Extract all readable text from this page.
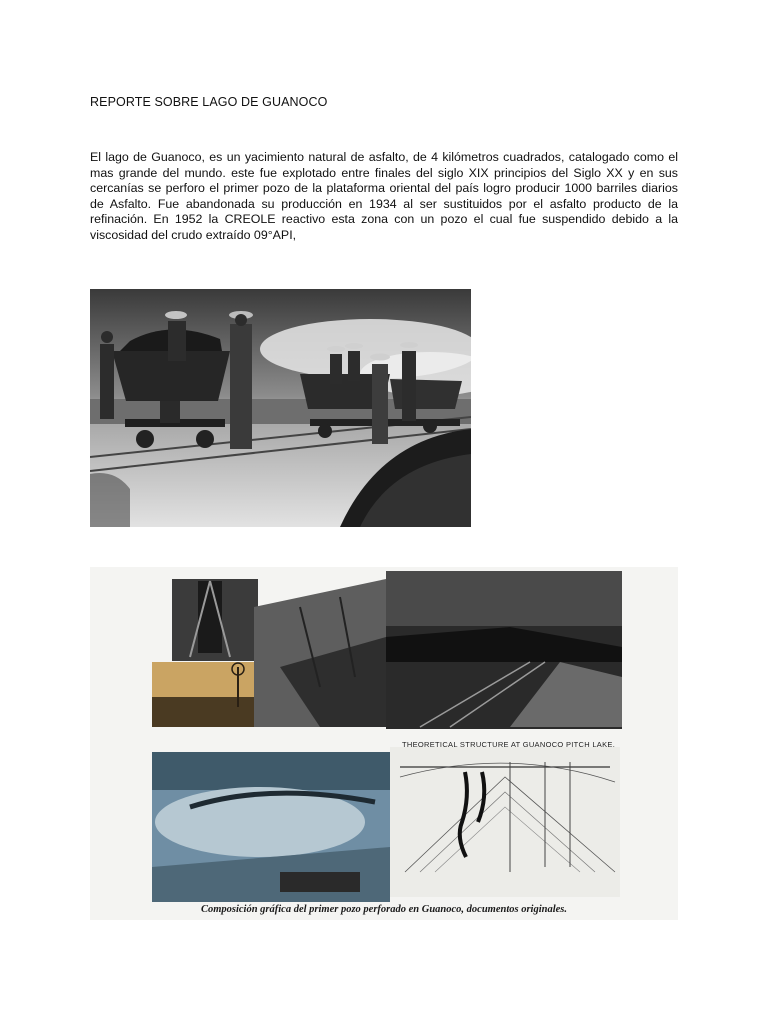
REPORTE SOBRE LAGO DE GUANOCO
El lago de Guanoco, es un yacimiento natural de asfalto, de 4 kilómetros cuadrados, catalogado como el mas grande del mundo. este fue explotado entre finales del siglo XIX principios del Siglo XX y en sus cercanías se perforo el primer pozo de la plataforma oriental del país logro producir 1000 barriles diarios de Asfalto. Fue abandonada su producción en 1934 al ser sustituidos por el asfalto producto de la refinación. En 1952 la CREOLE reactivo esta zona con un pozo el cual fue suspendido debido a la viscosidad del crudo extraído 09°API,
THEORETICAL STRUCTURE AT GUANOCO PITCH LAKE.
Composición gráfica del primer pozo perforado en Guanoco, documentos originales.
